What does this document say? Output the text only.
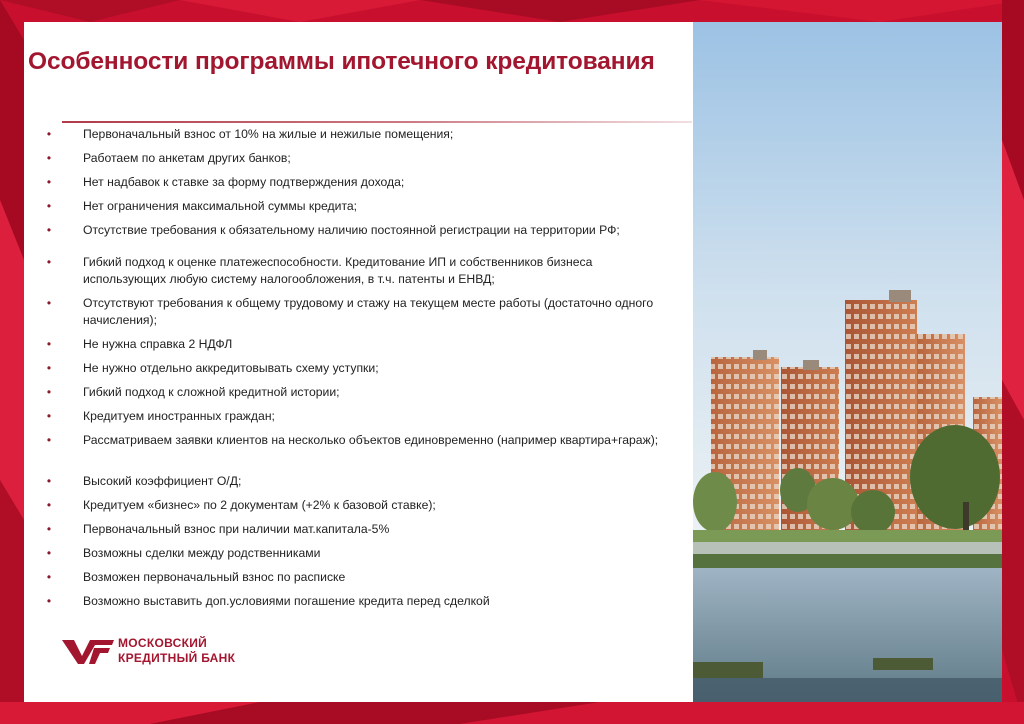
Особенности программы ипотечного кредитования
•	Первоначальный взнос от 10% на жилые и нежилые помещения;
•	Работаем по анкетам других банков;
•	Нет надбавок к ставке за форму подтверждения дохода;
•	Нет ограничения максимальной суммы кредита;
•	Отсутствие требования к обязательному наличию постоянной регистрации на территории РФ;
•	Гибкий подход к оценке платежеспособности. Кредитование ИП и собственников бизнеса использующих любую систему налогообложения, в т.ч. патенты и ЕНВД;
•	Отсутствуют требования к общему трудовому и стажу на текущем месте работы (достаточно одного начисления);
•	Не нужна справка 2 НДФЛ
•	Не нужно отдельно аккредитовывать схему уступки;
•	Гибкий подход к сложной кредитной истории;
•	Кредитуем иностранных граждан;
•	Рассматриваем заявки клиентов на несколько объектов единовременно (например квартира+гараж);
•	Высокий коэффициент О/Д;
•	Кредитуем «бизнес» по 2 документам (+2% к базовой ставке);
•	Первоначальный взнос при наличии мат.капитала-5%
•	Возможны сделки между родственниками
•	Возможен первоначальный взнос по расписке
•	Возможно выставить доп.условиями погашение кредита перед сделкой
МОСКОВСКИЙ
КРЕДИТНЫЙ БАНК
